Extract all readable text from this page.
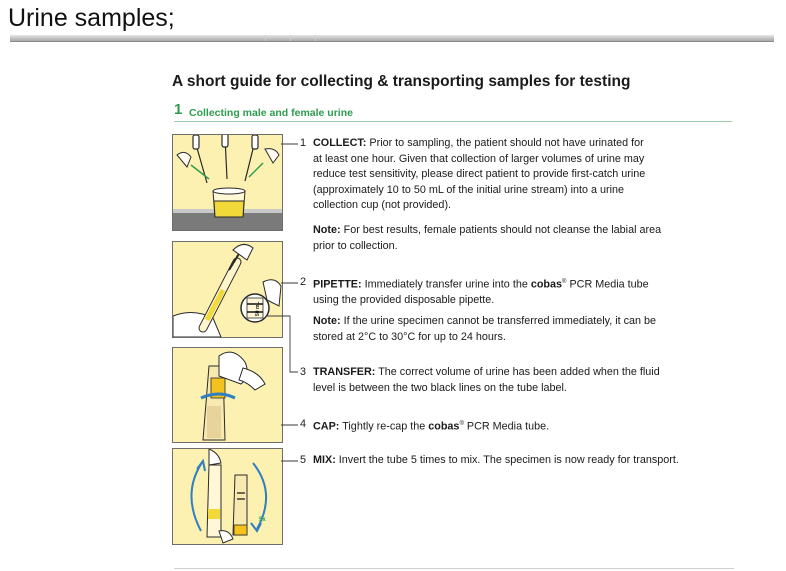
Urine samples;
A short guide for collecting & transporting samples for testing
1 Collecting male and female urine
50 mL
5x
1 COLLECT: Prior to sampling, the patient should not have urinated for
at least one hour. Given that collection of larger volumes of urine may
reduce test sensitivity, please direct patient to provide first-catch urine
(approximately 10 to 50 mL of the initial urine stream) into a urine
collection cup (not provided).
Note: For best results, female patients should not cleanse the labial area
prior to collection.
2 PIPETTE: Immediately transfer urine into the cobas® PCR Media tube
using the provided disposable pipette.
Note: If the urine specimen cannot be transferred immediately, it can be
stored at 2°C to 30°C for up to 24 hours.
3 TRANSFER: The correct volume of urine has been added when the fluid
level is between the two black lines on the tube label.
4 CAP: Tightly re-cap the cobas® PCR Media tube.
5 MIX: Invert the tube 5 times to mix. The specimen is now ready for transport.
